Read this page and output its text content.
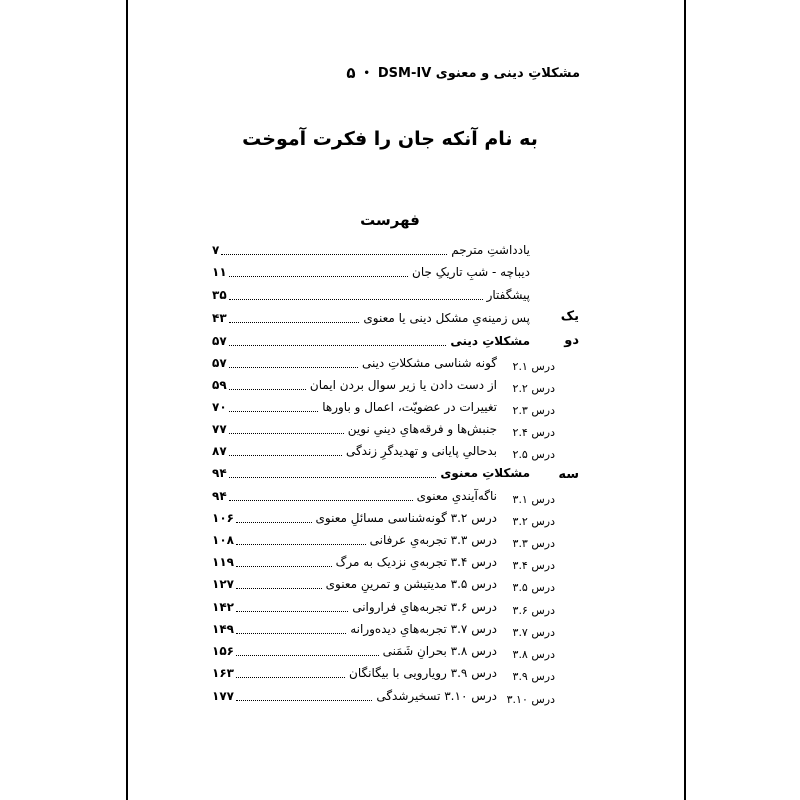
مشکلاتِ دینی و معنوی DSM-IV
•
۵
به نام آنکه جان را فکرت آموخت
فهرست
یک
دو
سه
یادداشتِ مترجم
۷
دیباچه - شبِ تاریکِ جان
۱۱
پیشگفتار
۳۵
پس زمینه‌یِ مشکل دینی یا معنوی
۴۳
مشکلاتِ دینی
۵۷
درس ۲.۱
گونه شناسی مشکلاتِ دینی
۵۷
درس ۲.۲
از دست دادن یا زیر سوال بردن ایمان
۵۹
درس ۲.۳
تغییرات در عضویّت، اعمال و باورها
۷۰
درس ۲.۴
جنبش‌ها و فرقه‌هایِ دینیِ نوین
۷۷
درس ۲.۵
بدحالیِ پایانی و تهدیدگرِ زندگی
۸۷
مشکلاتِ معنوی
۹۴
درس ۳.۱
ناگه‌آیندیِ معنوی
۹۴
درس ۳.۲
درس ۳.۲ گونه‌شناسی مسائلِ معنوی
۱۰۶
درس ۳.۳
درس ۳.۳ تجربه‌یِ عرفانی
۱۰۸
درس ۳.۴
درس ۳.۴ تجربه‌یِ نزدیک به مرگ
۱۱۹
درس ۳.۵
درس ۳.۵ مدیتیشن و تمرینِ معنوی
۱۲۷
درس ۳.۶
درس ۳.۶ تجربه‌هایِ فراروانی
۱۴۲
درس ۳.۷
درس ۳.۷ تجربه‌هایِ دیده‌ورانه
۱۴۹
درس ۳.۸
درس ۳.۸ بحرانِ شَمَنی
۱۵۶
درس ۳.۹
درس ۳.۹ رویارویی با بیگانگان
۱۶۳
درس ۳.۱۰
درس ۳.۱۰ تسخیرشدگی
۱۷۷
